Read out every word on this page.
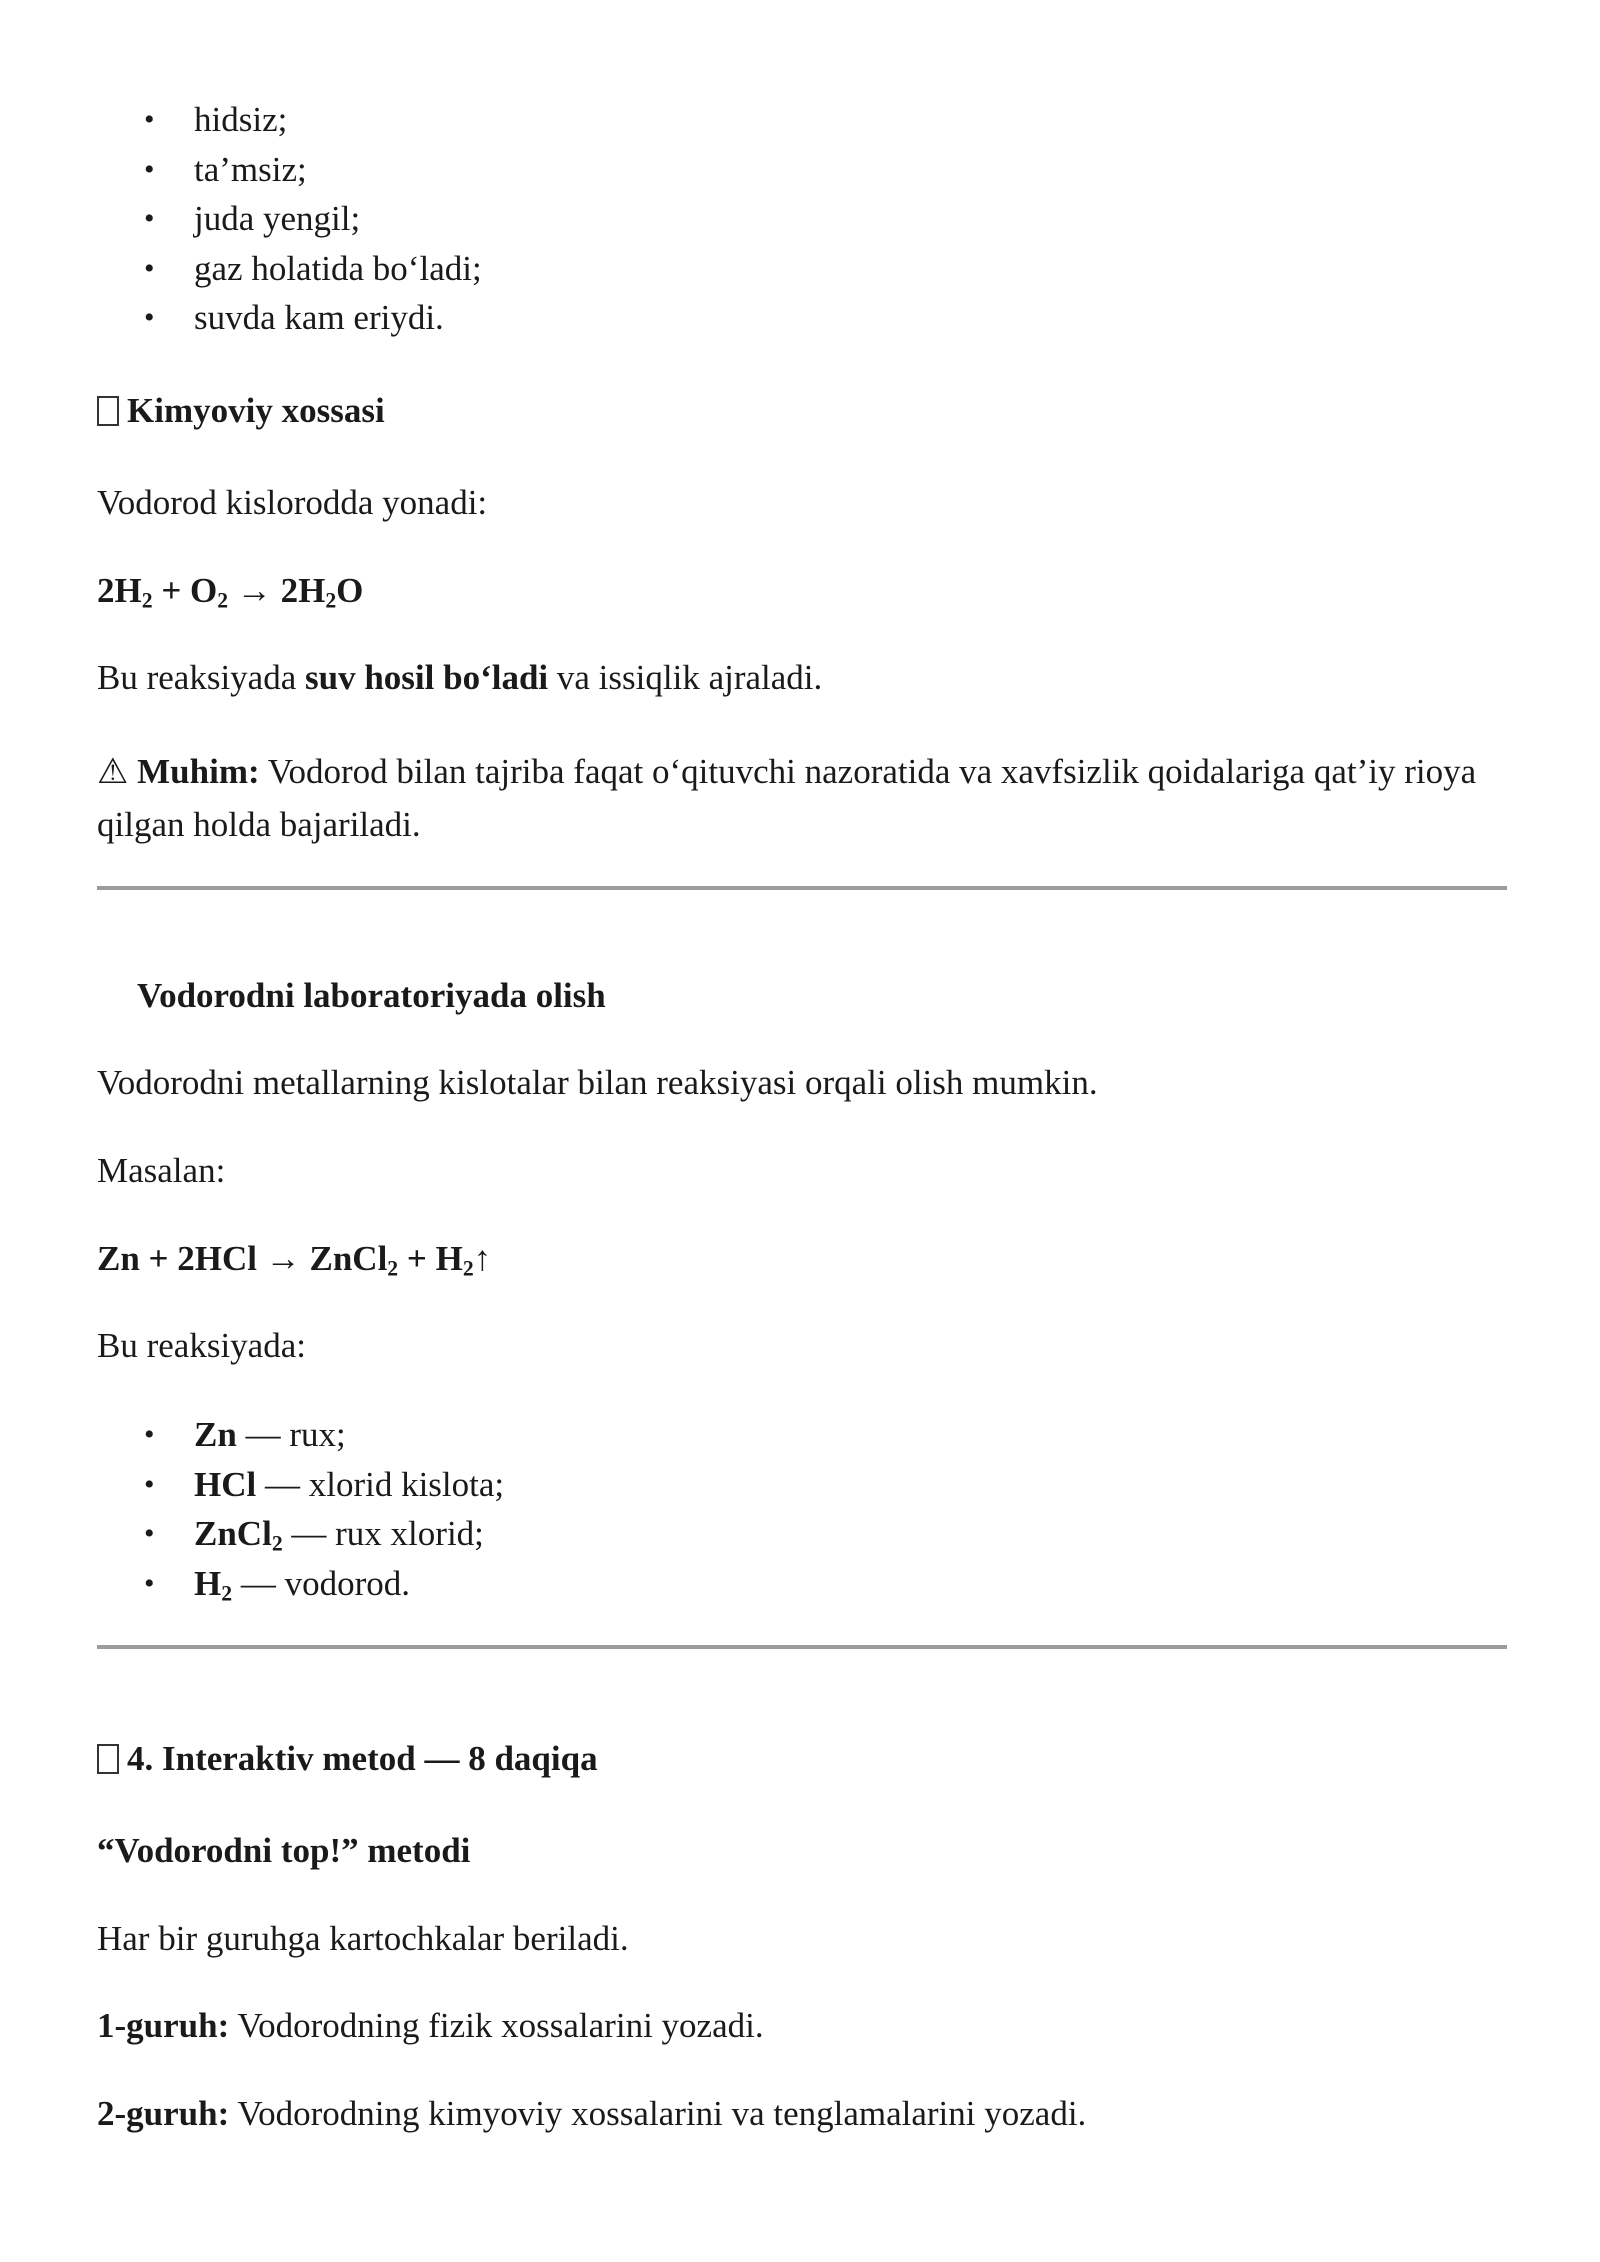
• hidsiz;
• ta’msiz;
• juda yengil;
• gaz holatida bo‘ladi;
• suvda kam eriydi.
Kimyoviy xossasi
Vodorod kislorodda yonadi:
$2H_2 + O_2 \to 2H_2O$
Bu reaksiyada suv hosil bo‘ladi va issiqlik ajraladi.
⚠ Muhim: Vodorod bilan tajriba faqat o‘qituvchi nazoratida va xavfsizlik qoidalariga qat’iy rioya qilgan holda bajariladi.
Vodorodni laboratoriyada olish
Vodorodni metallarning kislotalar bilan reaksiyasi orqali olish mumkin.
Masalan:
Zn + 2HCl → ZnCl$_2$ + $H_2↑$
Bu reaksiyada:
• Zn — rux;
• HCl — xlorid kislota;
• ZnCl$_2$ — rux xlorid;
• $H_2$ — vodorod.
4. Interaktiv metod — 8 daqiqa
“Vodorodni top!” metodi
Har bir guruhga kartochkalar beriladi.
1-guruh: Vodorodning fizik xossalarini yozadi.
2-guruh: Vodorodning kimyoviy xossalarini va tenglamalarini yozadi.
